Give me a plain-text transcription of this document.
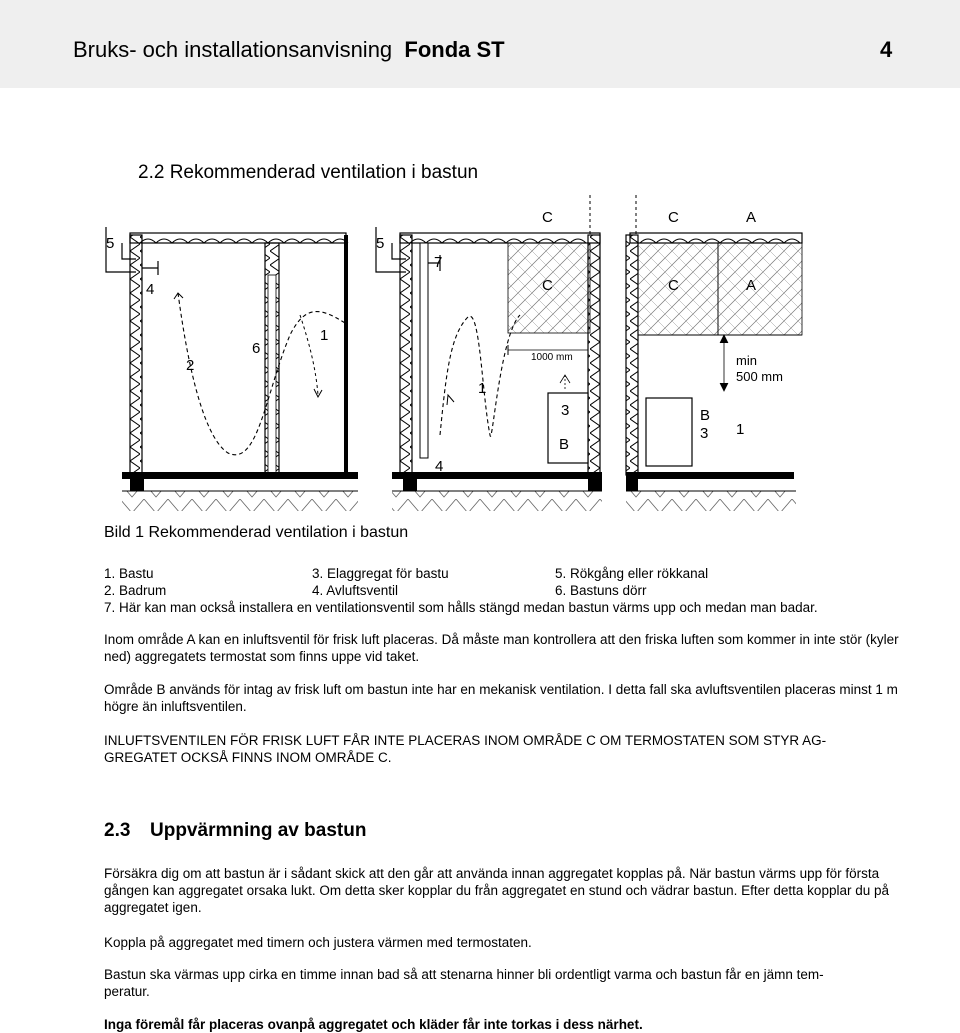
Bruks- och installationsanvisning Fonda ST	4
2.2 Rekommenderad ventilation i bastun
5
4
2
6
1
5
7
C
C
1000 mm
1
3
B
4
C	A
C	A
min
500 mm
B
3 1
Bild 1 Rekommenderad ventilation i bastun
1. Bastu	3. Elaggregat för bastu	5. Rökgång eller rökkanal
2. Badrum	4. Avluftsventil	6. Bastuns dörr
7. Här kan man också installera en ventilationsventil som hålls stängd medan bastun värms upp och medan man badar.
Inom område A kan en inluftsventil för frisk luft placeras. Då måste man kontrollera att den friska luften som kommer in inte stör (kyler ned) aggregatets termostat som finns uppe vid taket.
Område B används för intag av frisk luft om bastun inte har en mekanisk ventilation. I detta fall ska avluftsventilen placeras minst 1 m högre än inluftsventilen.
INLUFTSVENTILEN FÖR FRISK LUFT FÅR INTE PLACERAS INOM OMRÅDE C OM TERMOSTATEN SOM STYR AG-
GREGATET OCKSÅ FINNS INOM OMRÅDE C.
2.3 Uppvärmning av bastun
Försäkra dig om att bastun är i sådant skick att den går att använda innan aggregatet kopplas på. När bastun värms upp för första gången kan aggregatet orsaka lukt. Om detta sker kopplar du från aggregatet en stund och vädrar bastun. Efter detta kopplar du på aggregatet igen.
Koppla på aggregatet med timern och justera värmen med termostaten.
Bastun ska värmas upp cirka en timme innan bad så att stenarna hinner bli ordentligt varma och bastun får en jämn tem-
peratur.
Inga föremål får placeras ovanpå aggregatet och kläder får inte torkas i dess närhet.
